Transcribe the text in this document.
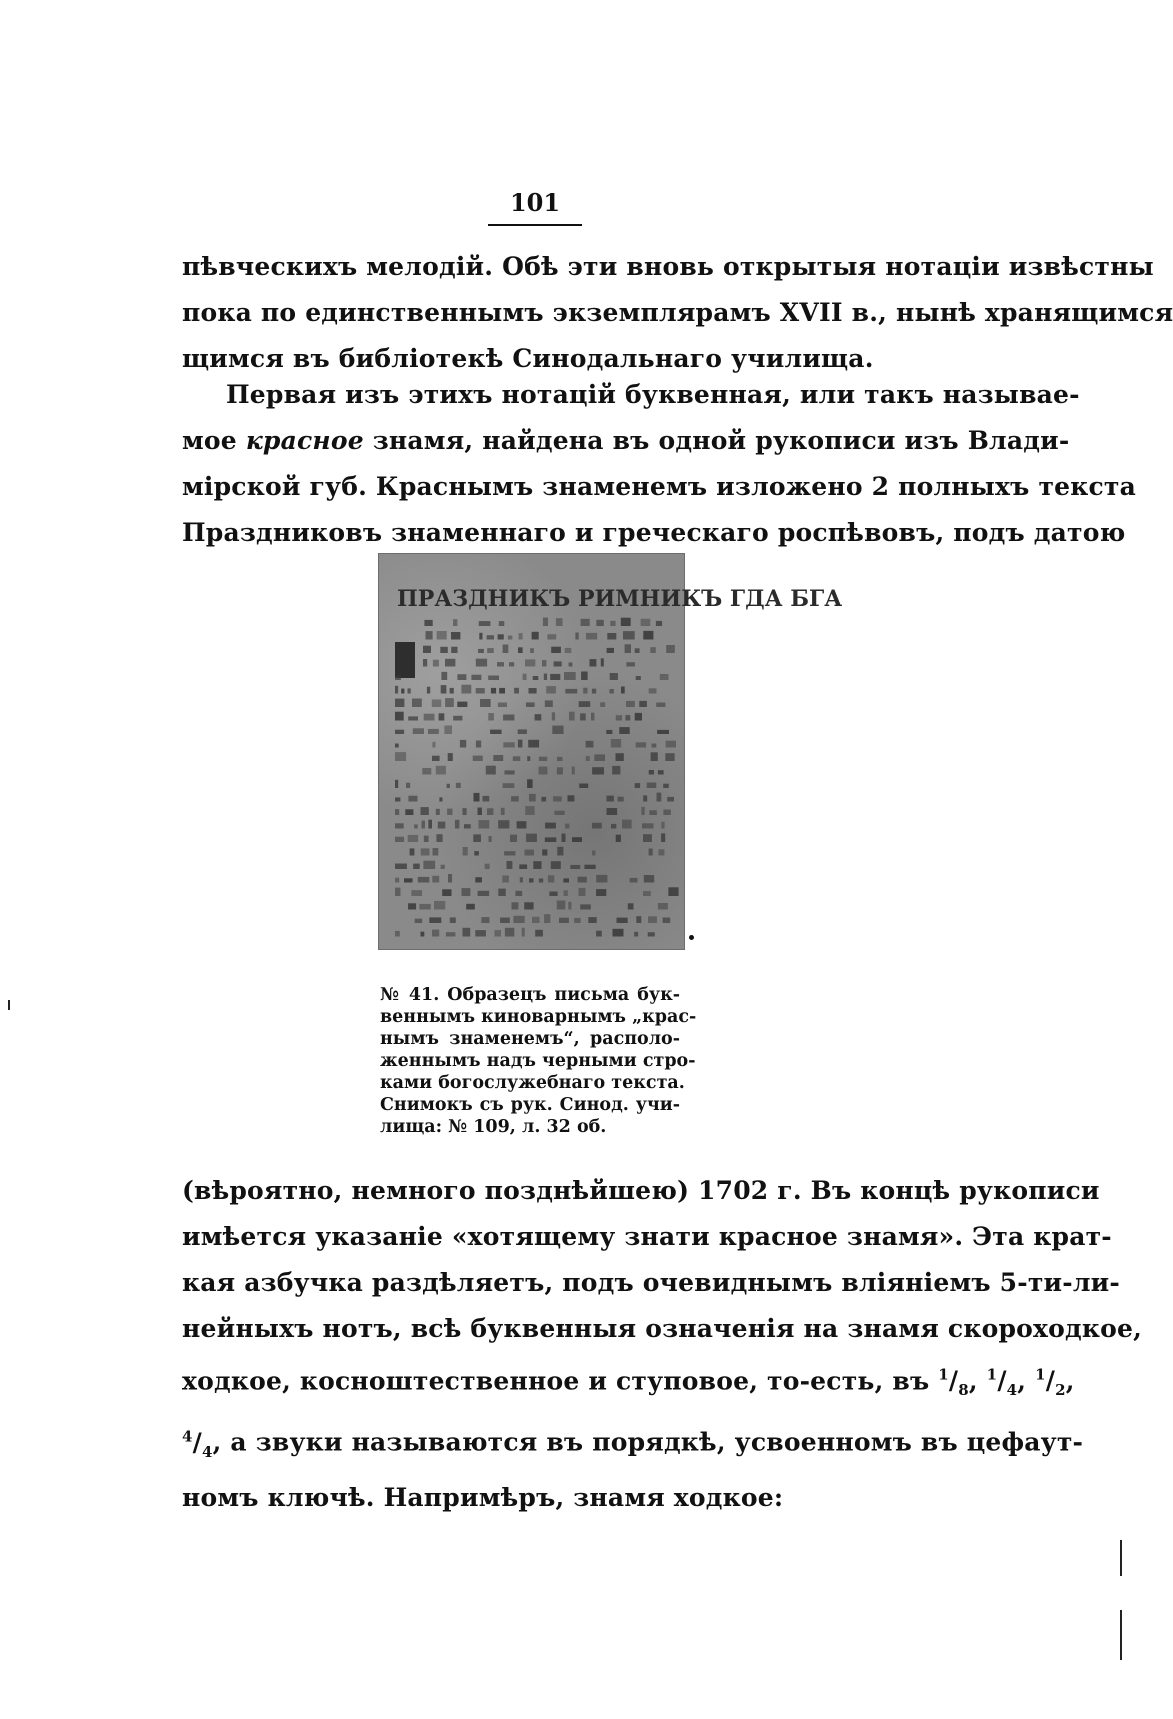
101
пѣвческихъ мелодій. Обѣ эти вновь открытыя нотаціи извѣстны
пока по единственнымъ экземплярамъ XVII в., нынѣ хранящимся
щимся въ библіотекѣ Синодальнаго училища.
Первая изъ этихъ нотацій буквенная, или такъ называе-
мое красное знамя, найдена въ одной рукописи изъ Влади-
мірской губ. Краснымъ знаменемъ изложено 2 полныхъ текста
Праздниковъ знаменнаго и греческаго роспѣвовъ, подъ датою
ПРАЗДНИКЪ РИМНИКЪ ГДА БГА
№ 41. Образецъ письма бук-
веннымъ киноварнымъ „крас-
нымъ знаменемъ“, располо-
женнымъ надъ черными стро-
ками богослужебнаго текста.
Снимокъ съ рук. Синод. учи-
лища: № 109, л. 32 об.
(вѣроятно, немного позднѣйшею) 1702 г. Въ концѣ рукописи
имѣется указаніе «хотящему знати красное знамя». Эта крат-
кая азбучка раздѣляетъ, подъ очевиднымъ вліяніемъ 5-ти-ли-
нейныхъ нотъ, всѣ буквенныя означенія на знамя скороходкое,
ходкое, косноштественное и ступовое, то-есть, въ $^1/_8$, $^1/_4$, $^1/_2$,
$^4/_4$, а звуки называются въ порядкѣ, усвоенномъ въ цефаут-
номъ ключѣ. Напримѣръ, знамя ходкое:
